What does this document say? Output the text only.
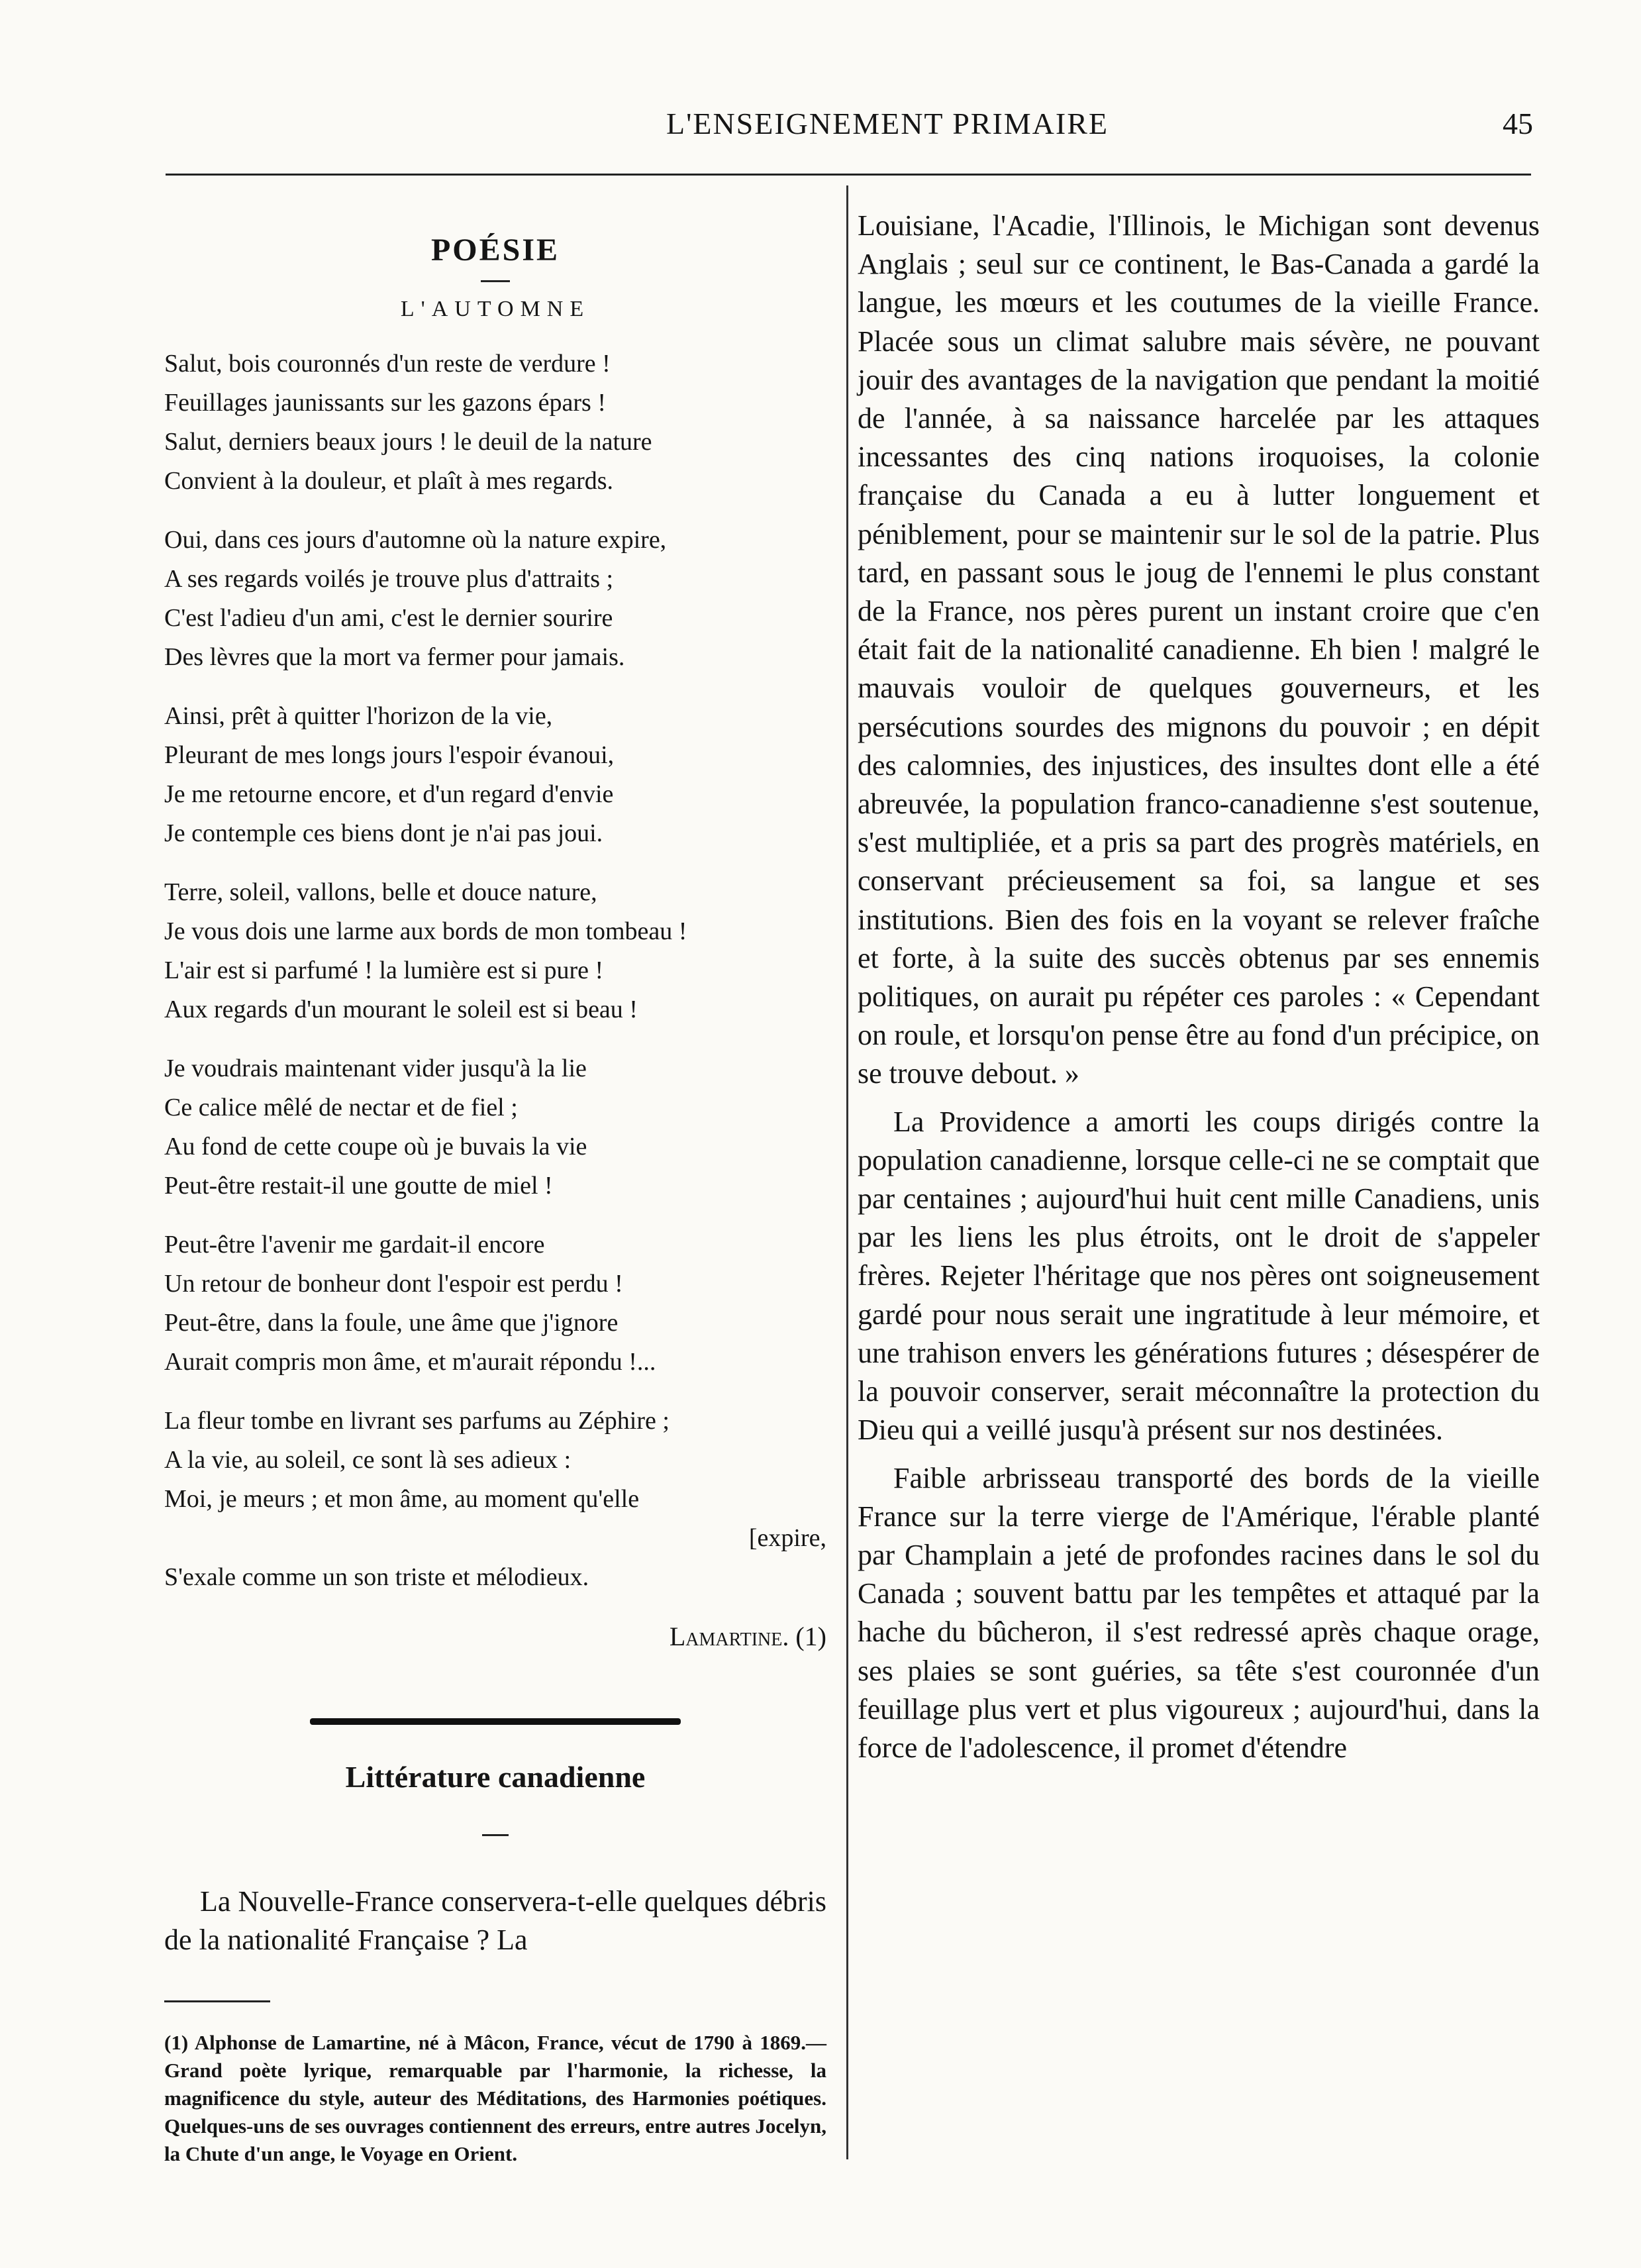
L'ENSEIGNEMENT PRIMAIRE	45
POÉSIE
L'AUTOMNE
Salut, bois couronnés d'un reste de verdure !
Feuillages jaunissants sur les gazons épars !
Salut, derniers beaux jours ! le deuil de la nature
Convient à la douleur, et plaît à mes regards.
Oui, dans ces jours d'automne où la nature expire,
A ses regards voilés je trouve plus d'attraits ;
C'est l'adieu d'un ami, c'est le dernier sourire
Des lèvres que la mort va fermer pour jamais.
Ainsi, prêt à quitter l'horizon de la vie,
Pleurant de mes longs jours l'espoir évanoui,
Je me retourne encore, et d'un regard d'envie
Je contemple ces biens dont je n'ai pas joui.
Terre, soleil, vallons, belle et douce nature,
Je vous dois une larme aux bords de mon tombeau !
L'air est si parfumé ! la lumière est si pure !
Aux regards d'un mourant le soleil est si beau !
Je voudrais maintenant vider jusqu'à la lie
Ce calice mêlé de nectar et de fiel ;
Au fond de cette coupe où je buvais la vie
Peut-être restait-il une goutte de miel !
Peut-être l'avenir me gardait-il encore
Un retour de bonheur dont l'espoir est perdu !
Peut-être, dans la foule, une âme que j'ignore
Aurait compris mon âme, et m'aurait répondu !...
La fleur tombe en livrant ses parfums au Zéphire ;
A la vie, au soleil, ce sont là ses adieux :
Moi, je meurs ; et mon âme, au moment qu'elle
[expire,
S'exale comme un son triste et mélodieux.
Lamartine. (1)
Littérature canadienne

La Nouvelle-France conservera-t-elle quelques débris de la nationalité Française ? La

(1) Alphonse de Lamartine, né à Mâcon, France, vécut de 1790 à 1869.—Grand poète lyrique, remarquable par l'harmonie, la richesse, la magnificence du style, auteur des Méditations, des Harmonies poétiques. Quelques-uns de ses ouvrages contiennent des erreurs, entre autres Jocelyn, la Chute d'un ange, le Voyage en Orient.

Louisiane, l'Acadie, l'Illinois, le Michigan sont devenus Anglais ; seul sur ce continent, le Bas-Canada a gardé la langue, les mœurs et les coutumes de la vieille France. Placée sous un climat salubre mais sévère, ne pouvant jouir des avantages de la navigation que pendant la moitié de l'année, à sa naissance harcelée par les attaques incessantes des cinq nations iroquoises, la colonie française du Canada a eu à lutter longuement et péniblement, pour se maintenir sur le sol de la patrie. Plus tard, en passant sous le joug de l'ennemi le plus constant de la France, nos pères purent un instant croire que c'en était fait de la nationalité canadienne. Eh bien ! malgré le mauvais vouloir de quelques gouverneurs, et les persécutions sourdes des mignons du pouvoir ; en dépit des calomnies, des injustices, des insultes dont elle a été abreuvée, la population franco-canadienne s'est soutenue, s'est multipliée, et a pris sa part des progrès matériels, en conservant précieusement sa foi, sa langue et ses institutions. Bien des fois en la voyant se relever fraîche et forte, à la suite des succès obtenus par ses ennemis politiques, on aurait pu répéter ces paroles : « Cependant on roule, et lorsqu'on pense être au fond d'un précipice, on se trouve debout. »

La Providence a amorti les coups dirigés contre la population canadienne, lorsque celle-ci ne se comptait que par centaines ; aujourd'hui huit cent mille Canadiens, unis par les liens les plus étroits, ont le droit de s'appeler frères. Rejeter l'héritage que nos pères ont soigneusement gardé pour nous serait une ingratitude à leur mémoire, et une trahison envers les générations futures ; désespérer de la pouvoir conserver, serait méconnaître la protection du Dieu qui a veillé jusqu'à présent sur nos destinées.

Faible arbrisseau transporté des bords de la vieille France sur la terre vierge de l'Amérique, l'érable planté par Champlain a jeté de profondes racines dans le sol du Canada ; souvent battu par les tempêtes et attaqué par la hache du bûcheron, il s'est redressé après chaque orage, ses plaies se sont guéries, sa tête s'est couronnée d'un feuillage plus vert et plus vigoureux ; aujourd'hui, dans la force de l'adolescence, il promet d'étendre
